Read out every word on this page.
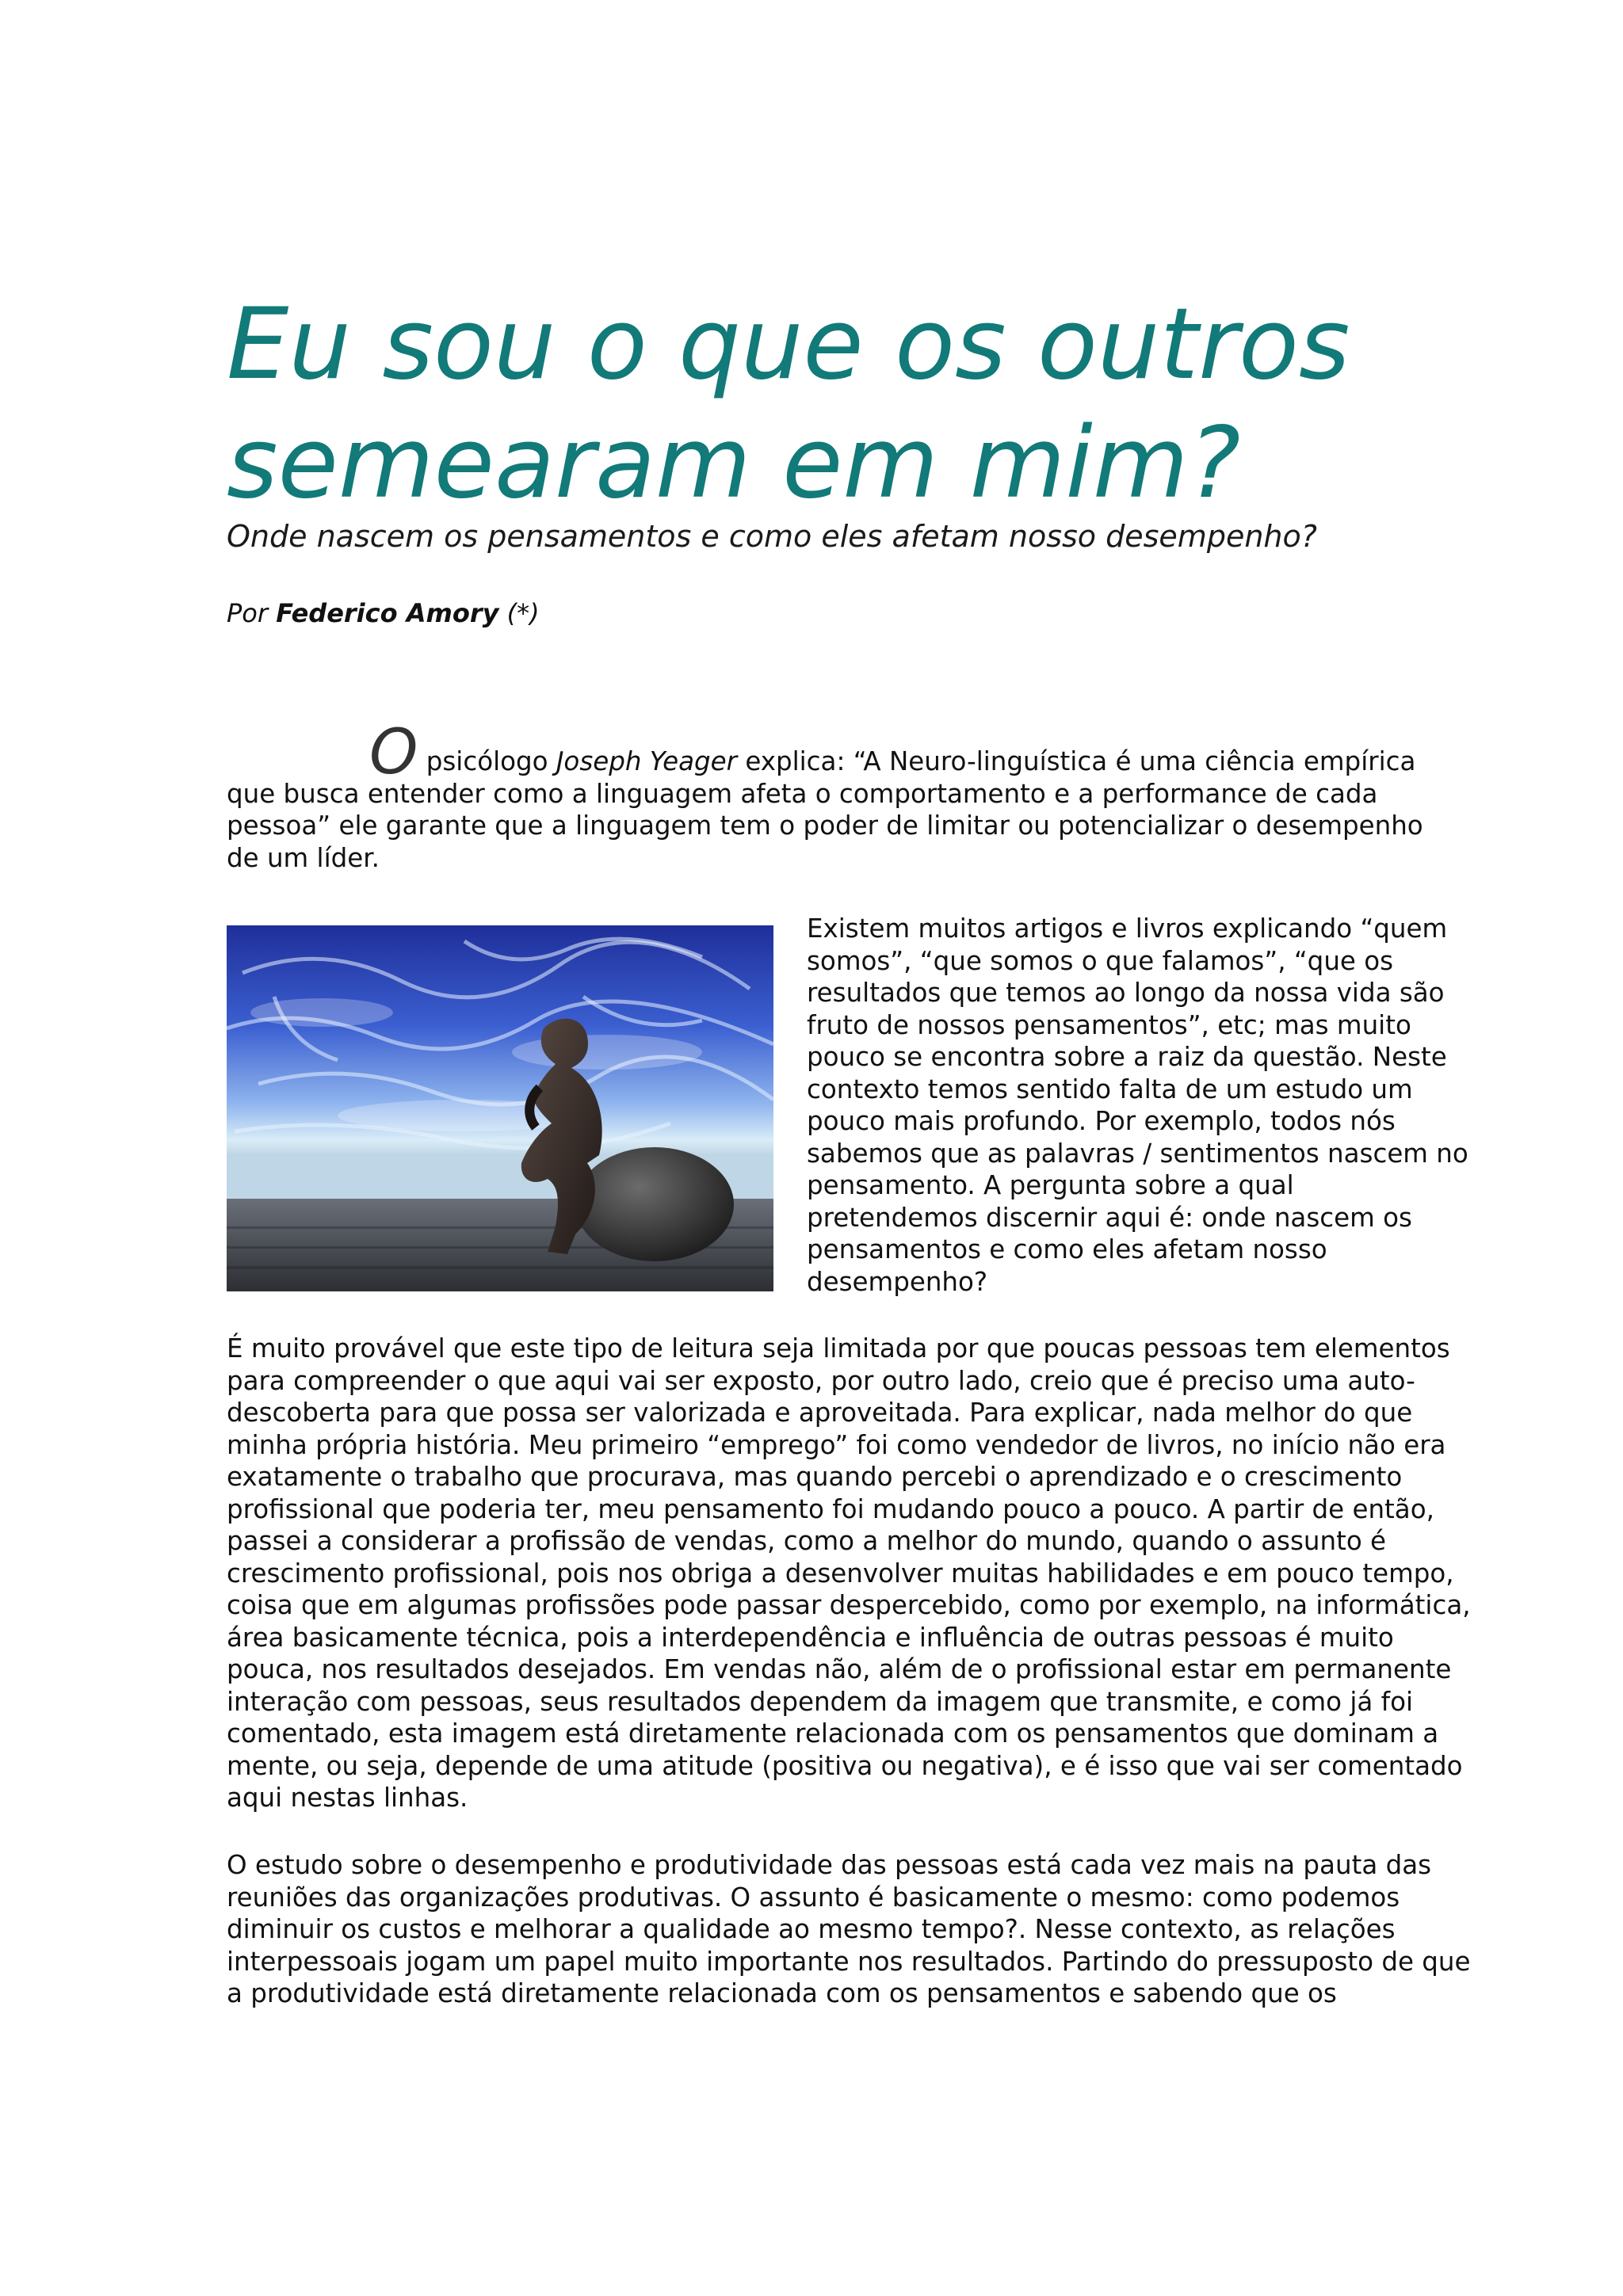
Eu sou o que os outros semearam em mim?

Onde nascem os pensamentos e como eles afetam nosso desempenho?

Por Federico Amory (*)

O psicólogo Joseph Yeager explica: “A Neuro-linguística é uma ciência empírica que busca entender como a linguagem afeta o comportamento e a performance de cada pessoa” ele garante que a linguagem tem o poder de limitar ou potencializar o desempenho de um líder.

Existem muitos artigos e livros explicando “quem somos”, “que somos o que falamos”, “que os resultados que temos ao longo da nossa vida são fruto de nossos pensamentos”, etc; mas muito pouco se encontra sobre a raiz da questão. Neste contexto temos sentido falta de um estudo um pouco mais profundo. Por exemplo, todos nós sabemos que as palavras / sentimentos nascem no pensamento. A pergunta sobre a qual pretendemos discernir aqui é: onde nascem os pensamentos e como eles afetam nosso desempenho?

É muito provável que este tipo de leitura seja limitada por que poucas pessoas tem elementos para compreender o que aqui vai ser exposto, por outro lado, creio que é preciso uma auto-descoberta para que possa ser valorizada e aproveitada. Para explicar, nada melhor do que minha própria história. Meu primeiro “emprego” foi como vendedor de livros, no início não era exatamente o trabalho que procurava, mas quando percebi o aprendizado e o crescimento profissional que poderia ter, meu pensamento foi mudando pouco a pouco. A partir de então, passei a considerar a profissão de vendas, como a melhor do mundo, quando o assunto é crescimento profissional, pois nos obriga a desenvolver muitas habilidades e em pouco tempo, coisa que em algumas profissões pode passar despercebido, como por exemplo, na informática, área basicamente técnica, pois a interdependência e influência de outras pessoas é muito pouca, nos resultados desejados. Em vendas não, além de o profissional estar em permanente interação com pessoas, seus resultados dependem da imagem que transmite, e como já foi comentado, esta imagem está diretamente relacionada com os pensamentos que dominam a mente, ou seja, depende de uma atitude (positiva ou negativa), e é isso que vai ser comentado aqui nestas linhas.

O estudo sobre o desempenho e produtividade das pessoas está cada vez mais na pauta das reuniões das organizações produtivas. O assunto é basicamente o mesmo: como podemos diminuir os custos e melhorar a qualidade ao mesmo tempo?. Nesse contexto, as relações interpessoais jogam um papel muito importante nos resultados. Partindo do pressuposto de que a produtividade está diretamente relacionada com os pensamentos e sabendo que os
